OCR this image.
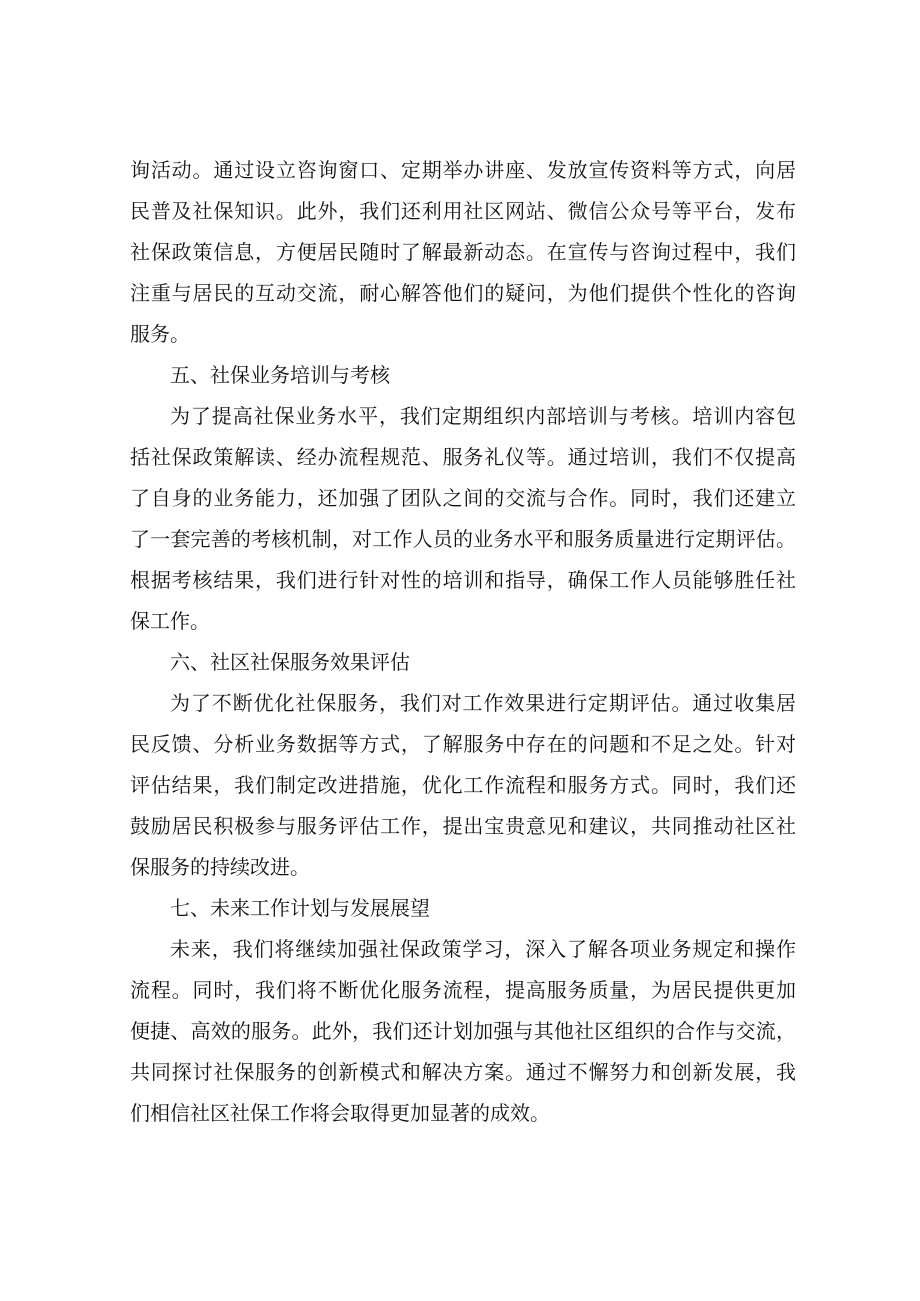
询活动。通过设立咨询窗口、定期举办讲座、发放宣传资料等方式，向居
民普及社保知识。此外，我们还利用社区网站、微信公众号等平台，发布
社保政策信息，方便居民随时了解最新动态。在宣传与咨询过程中，我们
注重与居民的互动交流，耐心解答他们的疑问，为他们提供个性化的咨询
服务。
五、社保业务培训与考核
为了提高社保业务水平，我们定期组织内部培训与考核。培训内容包
括社保政策解读、经办流程规范、服务礼仪等。通过培训，我们不仅提高
了自身的业务能力，还加强了团队之间的交流与合作。同时，我们还建立
了一套完善的考核机制，对工作人员的业务水平和服务质量进行定期评估。
根据考核结果，我们进行针对性的培训和指导，确保工作人员能够胜任社
保工作。
六、社区社保服务效果评估
为了不断优化社保服务，我们对工作效果进行定期评估。通过收集居
民反馈、分析业务数据等方式，了解服务中存在的问题和不足之处。针对
评估结果，我们制定改进措施，优化工作流程和服务方式。同时，我们还
鼓励居民积极参与服务评估工作，提出宝贵意见和建议，共同推动社区社
保服务的持续改进。
七、未来工作计划与发展展望
未来，我们将继续加强社保政策学习，深入了解各项业务规定和操作
流程。同时，我们将不断优化服务流程，提高服务质量，为居民提供更加
便捷、高效的服务。此外，我们还计划加强与其他社区组织的合作与交流，
共同探讨社保服务的创新模式和解决方案。通过不懈努力和创新发展，我
们相信社区社保工作将会取得更加显著的成效。
